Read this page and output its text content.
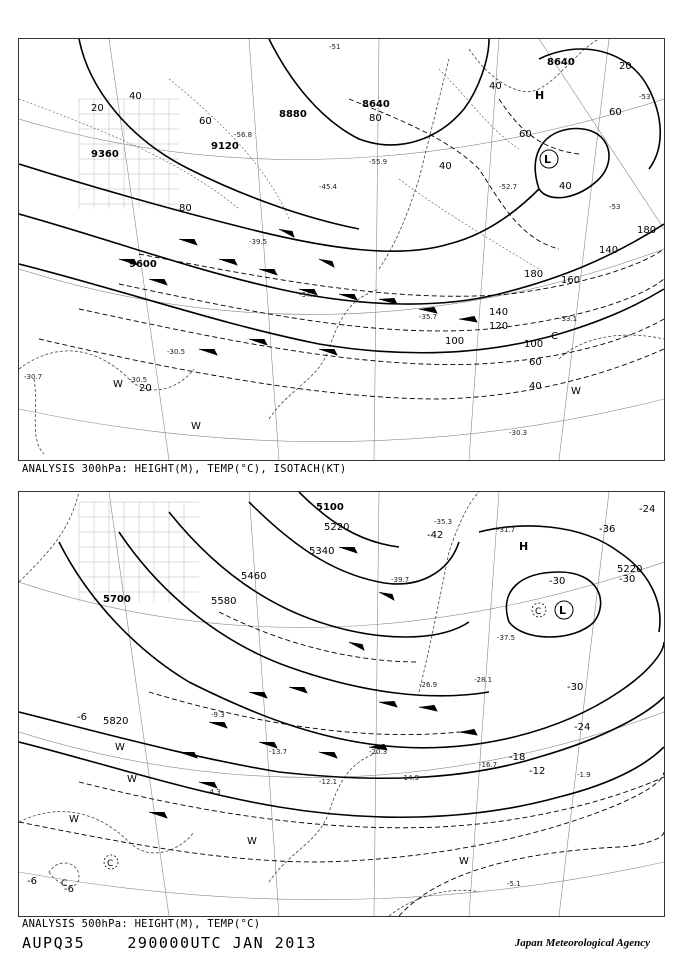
9360
9120
8880
8640
8640
9600
20
40
60
80
80
100
140
160
180
180
140
120
100
60
40
20
60
40
20
40
60
40
-30.5
-30.7
-30.3
-30.5
-33.1
-35.7
-34.5
-39.5
-45.4	-52.7
-55.9
-56.8
-51
-53
-53
H
L
W
W
W
C
ANALYSIS 300hPa: HEIGHT(M), TEMP(°C), ISOTACH(KT)
5100
5220
5340
5460
5580
5700
5820
5220
-42
-36
-30	-30
-30
-24
-24
-18
-12
-6
-6
-6
-31.7
-35.3
-39.7
-28.1
-26.9
-20.3
-14.9
-12.1
-9.3
-4.3
-5.1
-1.9
-16.7
-13.7
-37.5
H
L
C
C
C
W
W
W
W
W
ANALYSIS 500hPa: HEIGHT(M), TEMP(°C)
AUPQ35	290000UTC JAN 2013	Japan Meteorological Agency
